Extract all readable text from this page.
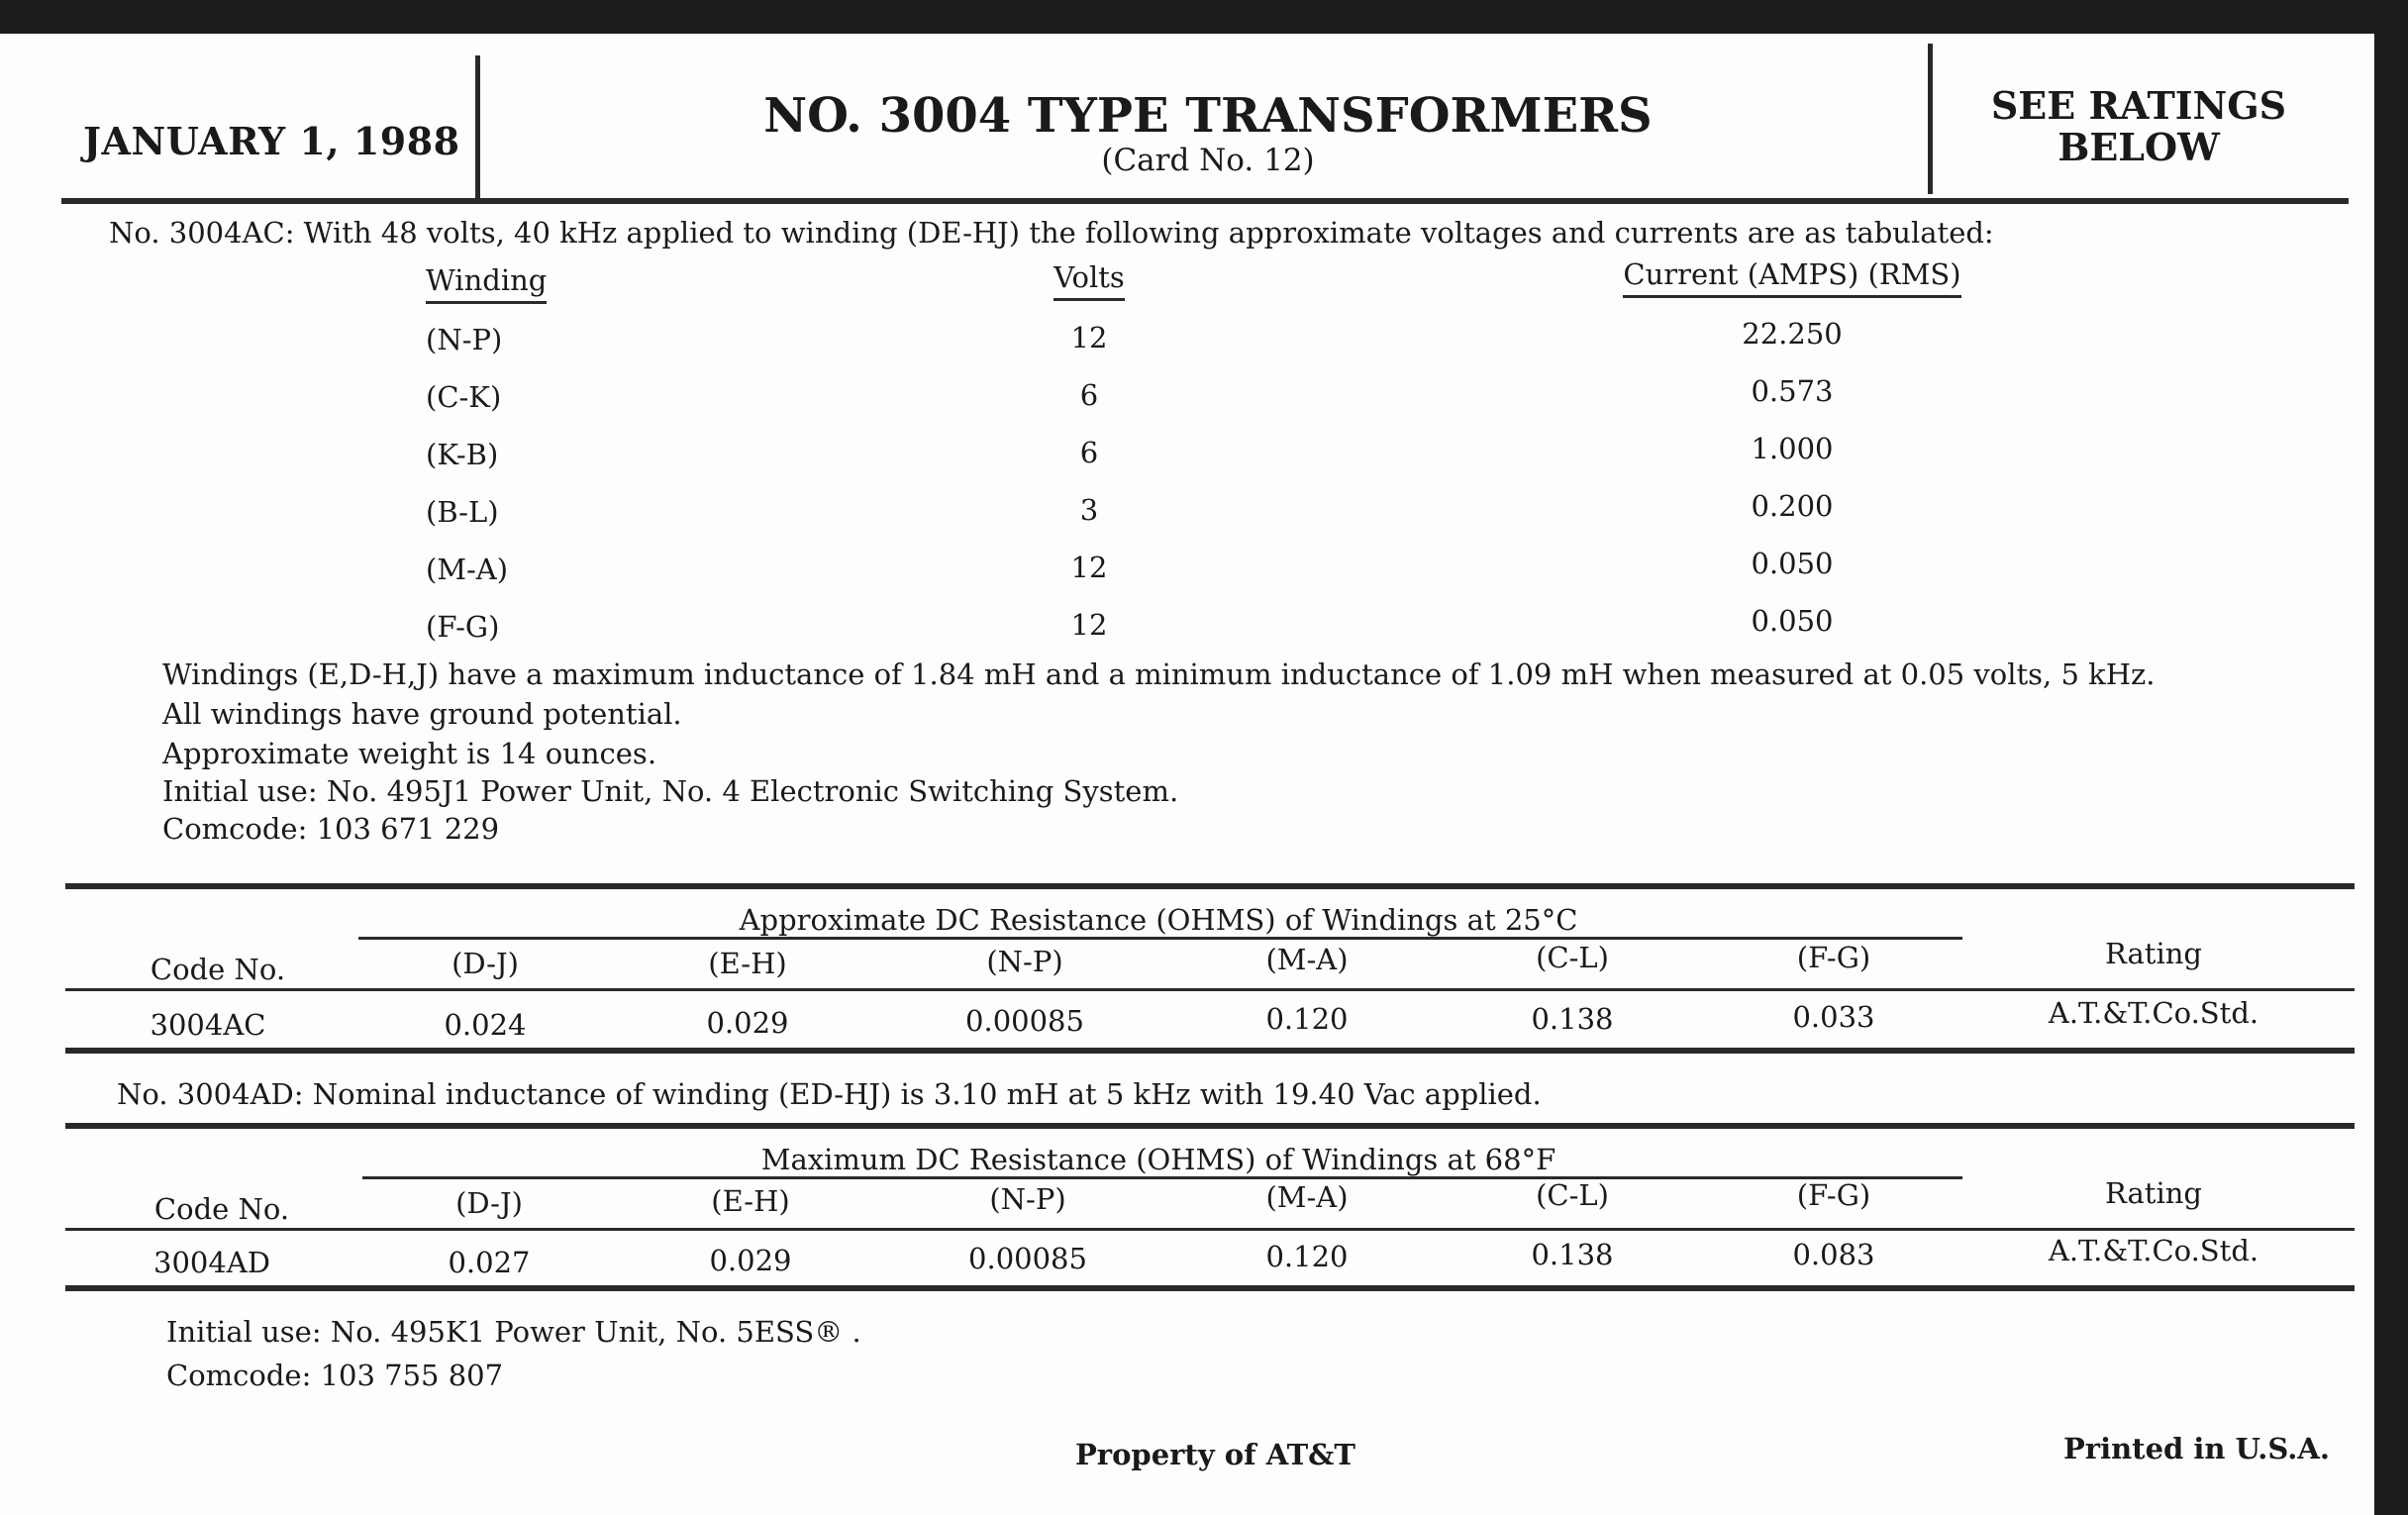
JANUARY 1, 1988	NO. 3004 TYPE TRANSFORMERS
(Card No. 12)
SEE RATINGS
BELOW
No. 3004AC: With 48 volts, 40 kHz applied to winding (DE-HJ) the following approximate voltages and currents are as tabulated:
Winding	Volts	Current (AMPS) (RMS)
(N-P)	12	22.250
(C-K)	6	0.573
(K-B)	6	1.000
(B-L)	3	0.200
(M-A)	12	0.050
(F-G)	12	0.050
Windings (E,D-H,J) have a maximum inductance of 1.84 mH and a minimum inductance of 1.09 mH when measured at 0.05 volts, 5 kHz.
All windings have ground potential.
Approximate weight is 14 ounces.
Initial use: No. 495J1 Power Unit, No. 4 Electronic Switching System.
Comcode: 103 671 229
Approximate DC Resistance (OHMS) of Windings at 25°C
Code No.	(D-J)	(E-H)	(N-P)	(M-A)	(C-L)	(F-G)	Rating
3004AC	0.024	0.029	0.00085	0.120	0.138	0.033	A.T.&T.Co.Std.
No. 3004AD: Nominal inductance of winding (ED-HJ) is 3.10 mH at 5 kHz with 19.40 Vac applied.
Maximum DC Resistance (OHMS) of Windings at 68°F
Code No.	(D-J)	(E-H)	(N-P)	(M-A)	(C-L)	(F-G)	Rating
3004AD	0.027	0.029	0.00085	0.120	0.138	0.083	A.T.&T.Co.Std.
Initial use: No. 495K1 Power Unit, No. 5ESS® .
Comcode: 103 755 807
Property of AT&T	Printed in U.S.A.
